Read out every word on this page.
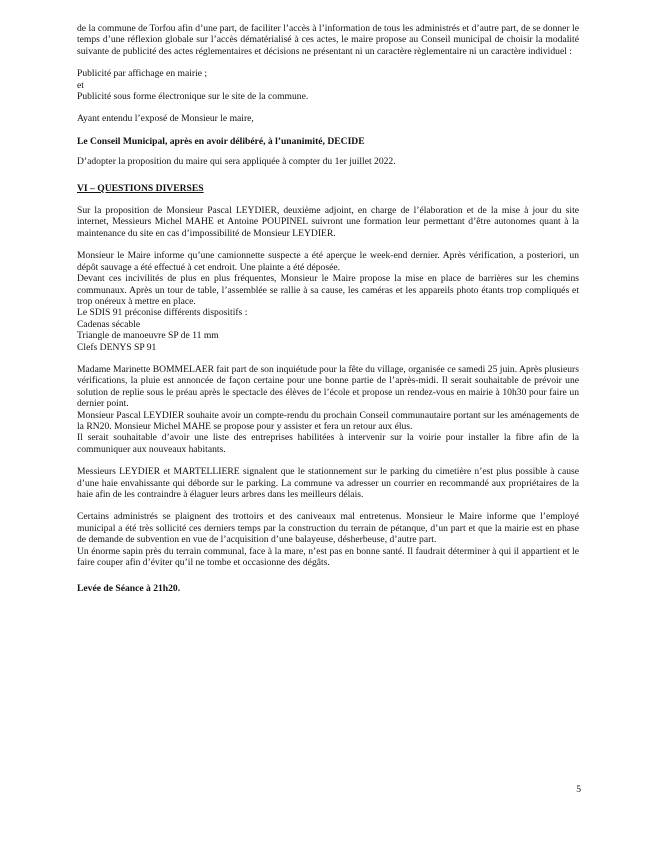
de la commune de Torfou afin d’une part, de faciliter l’accès à l’information de tous les administrés et d’autre part, de se donner le temps d’une réflexion globale sur l’accès dématérialisé à ces actes, le maire propose au Conseil municipal de choisir la modalité suivante de publicité des actes réglementaires et décisions ne présentant ni un caractère règlementaire ni un caractère individuel :

Publicité par affichage en mairie ;

et

Publicité sous forme électronique sur le site de la commune.

Ayant entendu l’exposé de Monsieur le maire,

Le Conseil Municipal, après en avoir délibéré, à l’unanimité, DECIDE

D’adopter la proposition du maire qui sera appliquée à compter du 1er juillet 2022.

VI – QUESTIONS DIVERSES

Sur la proposition de Monsieur Pascal LEYDIER, deuxième adjoint, en charge de l’élaboration et de la mise à jour du site internet, Messieurs Michel MAHE et Antoine POUPINEL suivront une formation leur permettant d’être autonomes quant à la maintenance du site en cas d’impossibilité de Monsieur LEYDIER.

Monsieur le Maire informe qu’une camionnette suspecte a été aperçue le week-end dernier. Après vérification, a posteriori, un dépôt sauvage a été effectué à cet endroit. Une plainte a été déposée.

Devant ces incivilités de plus en plus fréquentes, Monsieur le Maire propose la mise en place de barrières sur les chemins communaux. Après un tour de table, l’assemblée se rallie à sa cause, les caméras et les appareils photo étants trop compliqués et trop onéreux à mettre en place.

Le SDIS 91 préconise différents dispositifs :

Cadenas sécable

Triangle de manoeuvre SP de 11 mm

Clefs DENYS SP 91

Madame Marinette BOMMELAER fait part de son inquiétude pour la fête du village, organisée ce samedi 25 juin. Après plusieurs vérifications, la pluie est annoncée de façon certaine pour une bonne partie de l’après-midi. Il serait souhaitable de prévoir une solution de replie sous le préau après le spectacle des élèves de l’école et propose un rendez-vous en mairie à 10h30 pour faire un dernier point.

Monsieur Pascal LEYDIER souhaite avoir un compte-rendu du prochain Conseil communautaire portant sur les aménagements de la RN20. Monsieur Michel MAHE se propose pour y assister et fera un retour aux élus.

Il serait souhaitable d’avoir une liste des entreprises habilitées à intervenir sur la voirie pour installer la fibre afin de la communiquer aux nouveaux habitants.

Messieurs LEYDIER et MARTELLIERE signalent que le stationnement sur le parking du cimetière n’est plus possible à cause d’une haie envahissante qui déborde sur le parking. La commune va adresser un courrier en recommandé aux propriétaires de la haie afin de les contraindre à élaguer leurs arbres dans les meilleurs délais.

Certains administrés se plaignent des trottoirs et des caniveaux mal entretenus. Monsieur le Maire informe que l’employé municipal a été très sollicité ces derniers temps par la construction du terrain de pétanque, d’un part et que la mairie est en phase de demande de subvention en vue de l’acquisition d’une balayeuse, désherbeuse, d’autre part.

Un énorme sapin près du terrain communal, face à la mare, n’est pas en bonne santé. Il faudrait déterminer à qui il appartient et le faire couper afin d’éviter qu’il ne tombe et occasionne des dégâts.

Levée de Séance à 21h20.

5
